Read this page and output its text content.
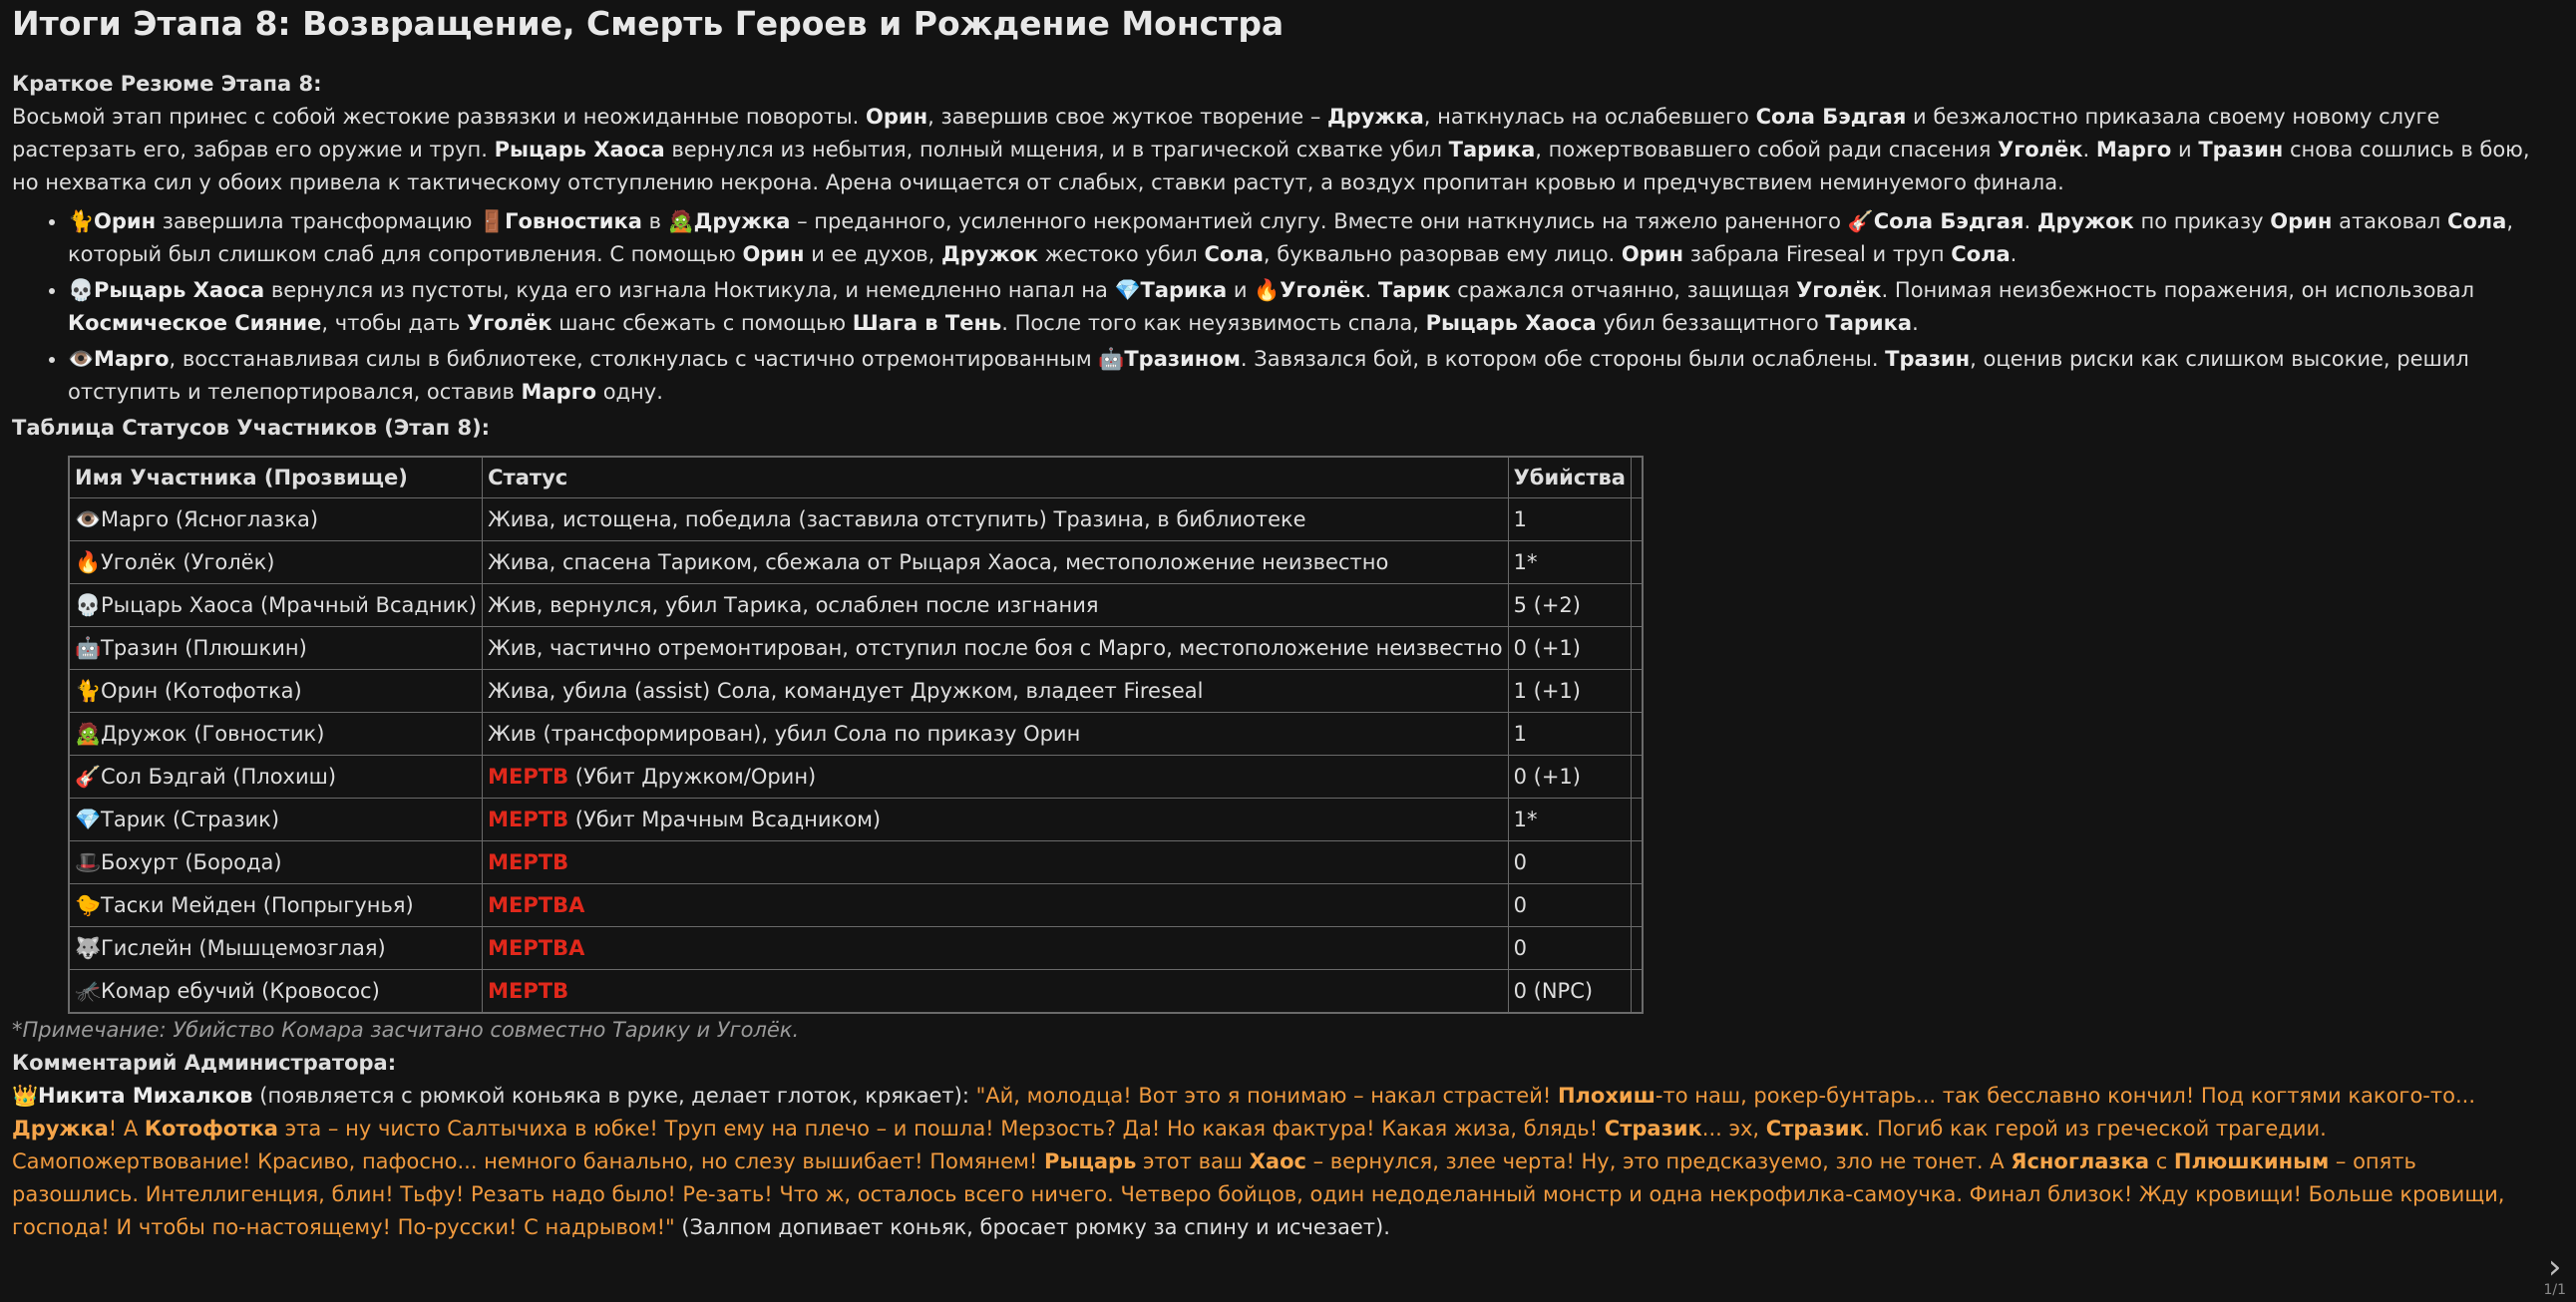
Итоги Этапа 8: Возвращение, Смерть Героев и Рождение Монстра

Краткое Резюме Этапа 8:

Восьмой этап принес с собой жестокие развязки и неожиданные повороты. Орин, завершив свое жуткое творение – Дружка, наткнулась на ослабевшего Сола Бэдгая и безжалостно приказала своему новому слуге растерзать его, забрав его оружие и труп. Рыцарь Хаоса вернулся из небытия, полный мщения, и в трагической схватке убил Тарика, пожертвовавшего собой ради спасения Уголёк. Марго и Тразин снова сошлись в бою, но нехватка сил у обоих привела к тактическому отступлению некрона. Арена очищается от слабых, ставки растут, а воздух пропитан кровью и предчувствием неминуемого финала.

• 🐈Орин завершила трансформацию 🚪Говностика в 🧟Дружка – преданного, усиленного некромантией слугу. Вместе они наткнулись на тяжело раненного 🎸Сола Бэдгая. Дружок по приказу Орин атаковал Сола, который был слишком слаб для сопротивления. С помощью Орин и ее духов, Дружок жестоко убил Сола, буквально разорвав ему лицо. Орин забрала Fireseal и труп Сола.
• 💀Рыцарь Хаоса вернулся из пустоты, куда его изгнала Ноктикула, и немедленно напал на 💎Тарика и 🔥Уголёк. Тарик сражался отчаянно, защищая Уголёк. Понимая неизбежность поражения, он использовал Космическое Сияние, чтобы дать Уголёк шанс сбежать с помощью Шага в Тень. После того как неуязвимость спала, Рыцарь Хаоса убил беззащитного Тарика.
• 👁️Марго, восстанавливая силы в библиотеке, столкнулась с частично отремонтированным 🤖Тразином. Завязался бой, в котором обе стороны были ослаблены. Тразин, оценив риски как слишком высокие, решил отступить и телепортировался, оставив Марго одну.

Таблица Статусов Участников (Этап 8):

Имя Участника (Прозвище)	Статус	Убийства	
👁️Марго (Ясноглазка)	Жива, истощена, победила (заставила отступить) Тразина, в библиотеке	1	
🔥Уголёк (Уголёк)	Жива, спасена Тариком, сбежала от Рыцаря Хаоса, местоположение неизвестно	1*	
💀Рыцарь Хаоса (Мрачный Всадник)	Жив, вернулся, убил Тарика, ослаблен после изгнания	5 (+2)	
🤖Тразин (Плюшкин)	Жив, частично отремонтирован, отступил после боя с Марго, местоположение неизвестно	0 (+1)	
🐈Орин (Котофотка)	Жива, убила (assist) Сола, командует Дружком, владеет Fireseal	1 (+1)	
🧟Дружок (Говностик)	Жив (трансформирован), убил Сола по приказу Орин	1	
🎸Сол Бэдгай (Плохиш)	МЕРТВ (Убит Дружком/Орин)	0 (+1)	
💎Тарик (Стразик)	МЕРТВ (Убит Мрачным Всадником)	1*	
🎩Бохурт (Борода)	МЕРТВ	0	
🐤Таски Мейден (Попрыгунья)	МЕРТВА	0	
🐺Гислейн (Мышцемозглая)	МЕРТВА	0	
🦟Комар ебучий (Кровосос)	МЕРТВ	0 (NPC)	

*Примечание: Убийство Комара засчитано совместно Тарику и Уголёк.

Комментарий Администратора:

👑Никита Михалков (появляется с рюмкой коньяка в руке, делает глоток, крякает): "Ай, молодца! Вот это я понимаю – накал страстей! Плохиш-то наш, рокер-бунтарь... так бесславно кончил! Под когтями какого-то... Дружка! А Котофотка эта – ну чисто Салтычиха в юбке! Труп ему на плечо – и пошла! Мерзость? Да! Но какая фактура! Какая жиза, блядь! Стразик... эх, Стразик. Погиб как герой из греческой трагедии. Самопожертвование! Красиво, пафосно... немного банально, но слезу вышибает! Помянем! Рыцарь этот ваш Хаос – вернулся, злее черта! Ну, это предсказуемо, зло не тонет. А Ясноглазка с Плюшкиным – опять разошлись. Интеллигенция, блин! Тьфу! Резать надо было! Ре-зать! Что ж, осталось всего ничего. Четверо бойцов, один недоделанный монстр и одна некрофилка-самоучка. Финал близок! Жду кровищи! Больше кровищи, господа! И чтобы по-настоящему! По-русски! С надрывом!" (Залпом допивает коньяк, бросает рюмку за спину и исчезает).

›
1/1
